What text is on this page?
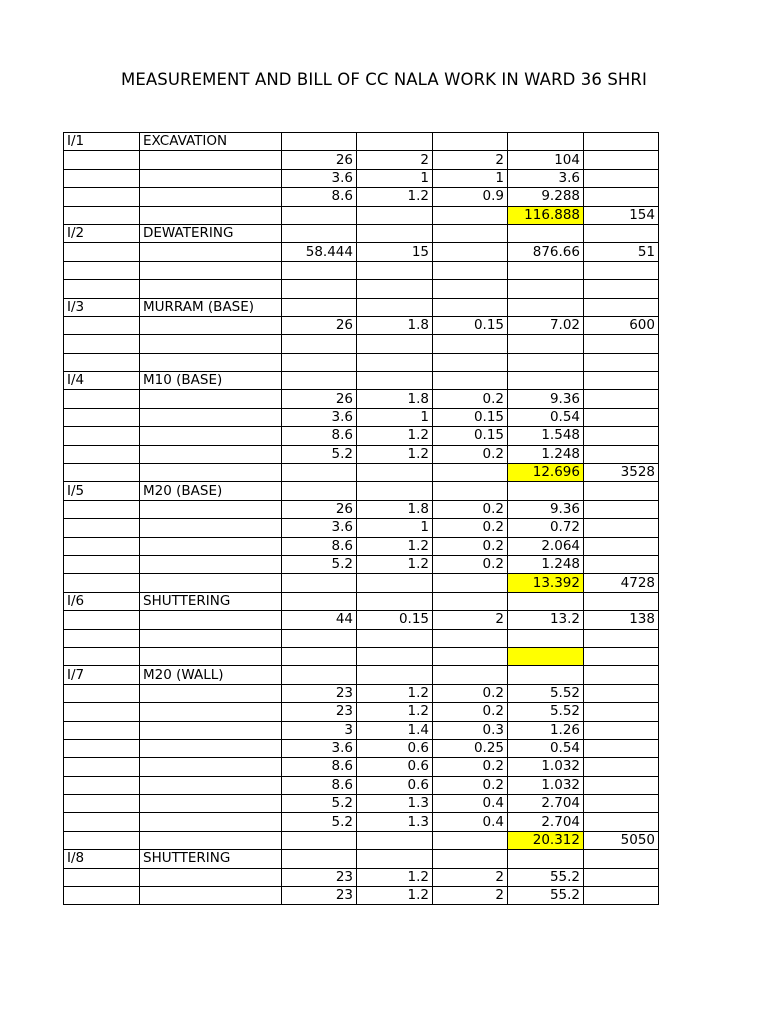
MEASUREMENT AND BILL OF CC NALA WORK IN WARD 36 SHRI
I/1	EXCAVATION					
		26	2	2	104	
		3.6	1	1	3.6	
		8.6	1.2	0.9	9.288	
					116.888	154
I/2	DEWATERING					
		58.444	15		876.66	51

I/3	MURRAM (BASE)					
		26	1.8	0.15	7.02	600

I/4	M10 (BASE)					
		26	1.8	0.2	9.36	
		3.6	1	0.15	0.54	
		8.6	1.2	0.15	1.548	
		5.2	1.2	0.2	1.248	
					12.696	3528
I/5	M20 (BASE)					
		26	1.8	0.2	9.36	
		3.6	1	0.2	0.72	
		8.6	1.2	0.2	2.064	
		5.2	1.2	0.2	1.248	
					13.392	4728
I/6	SHUTTERING					
		44	0.15	2	13.2	138

I/7	M20 (WALL)					
		23	1.2	0.2	5.52	
		23	1.2	0.2	5.52	
		3	1.4	0.3	1.26	
		3.6	0.6	0.25	0.54	
		8.6	0.6	0.2	1.032	
		8.6	0.6	0.2	1.032	
		5.2	1.3	0.4	2.704	
		5.2	1.3	0.4	2.704	
					20.312	5050
I/8	SHUTTERING					
		23	1.2	2	55.2	
		23	1.2	2	55.2	
